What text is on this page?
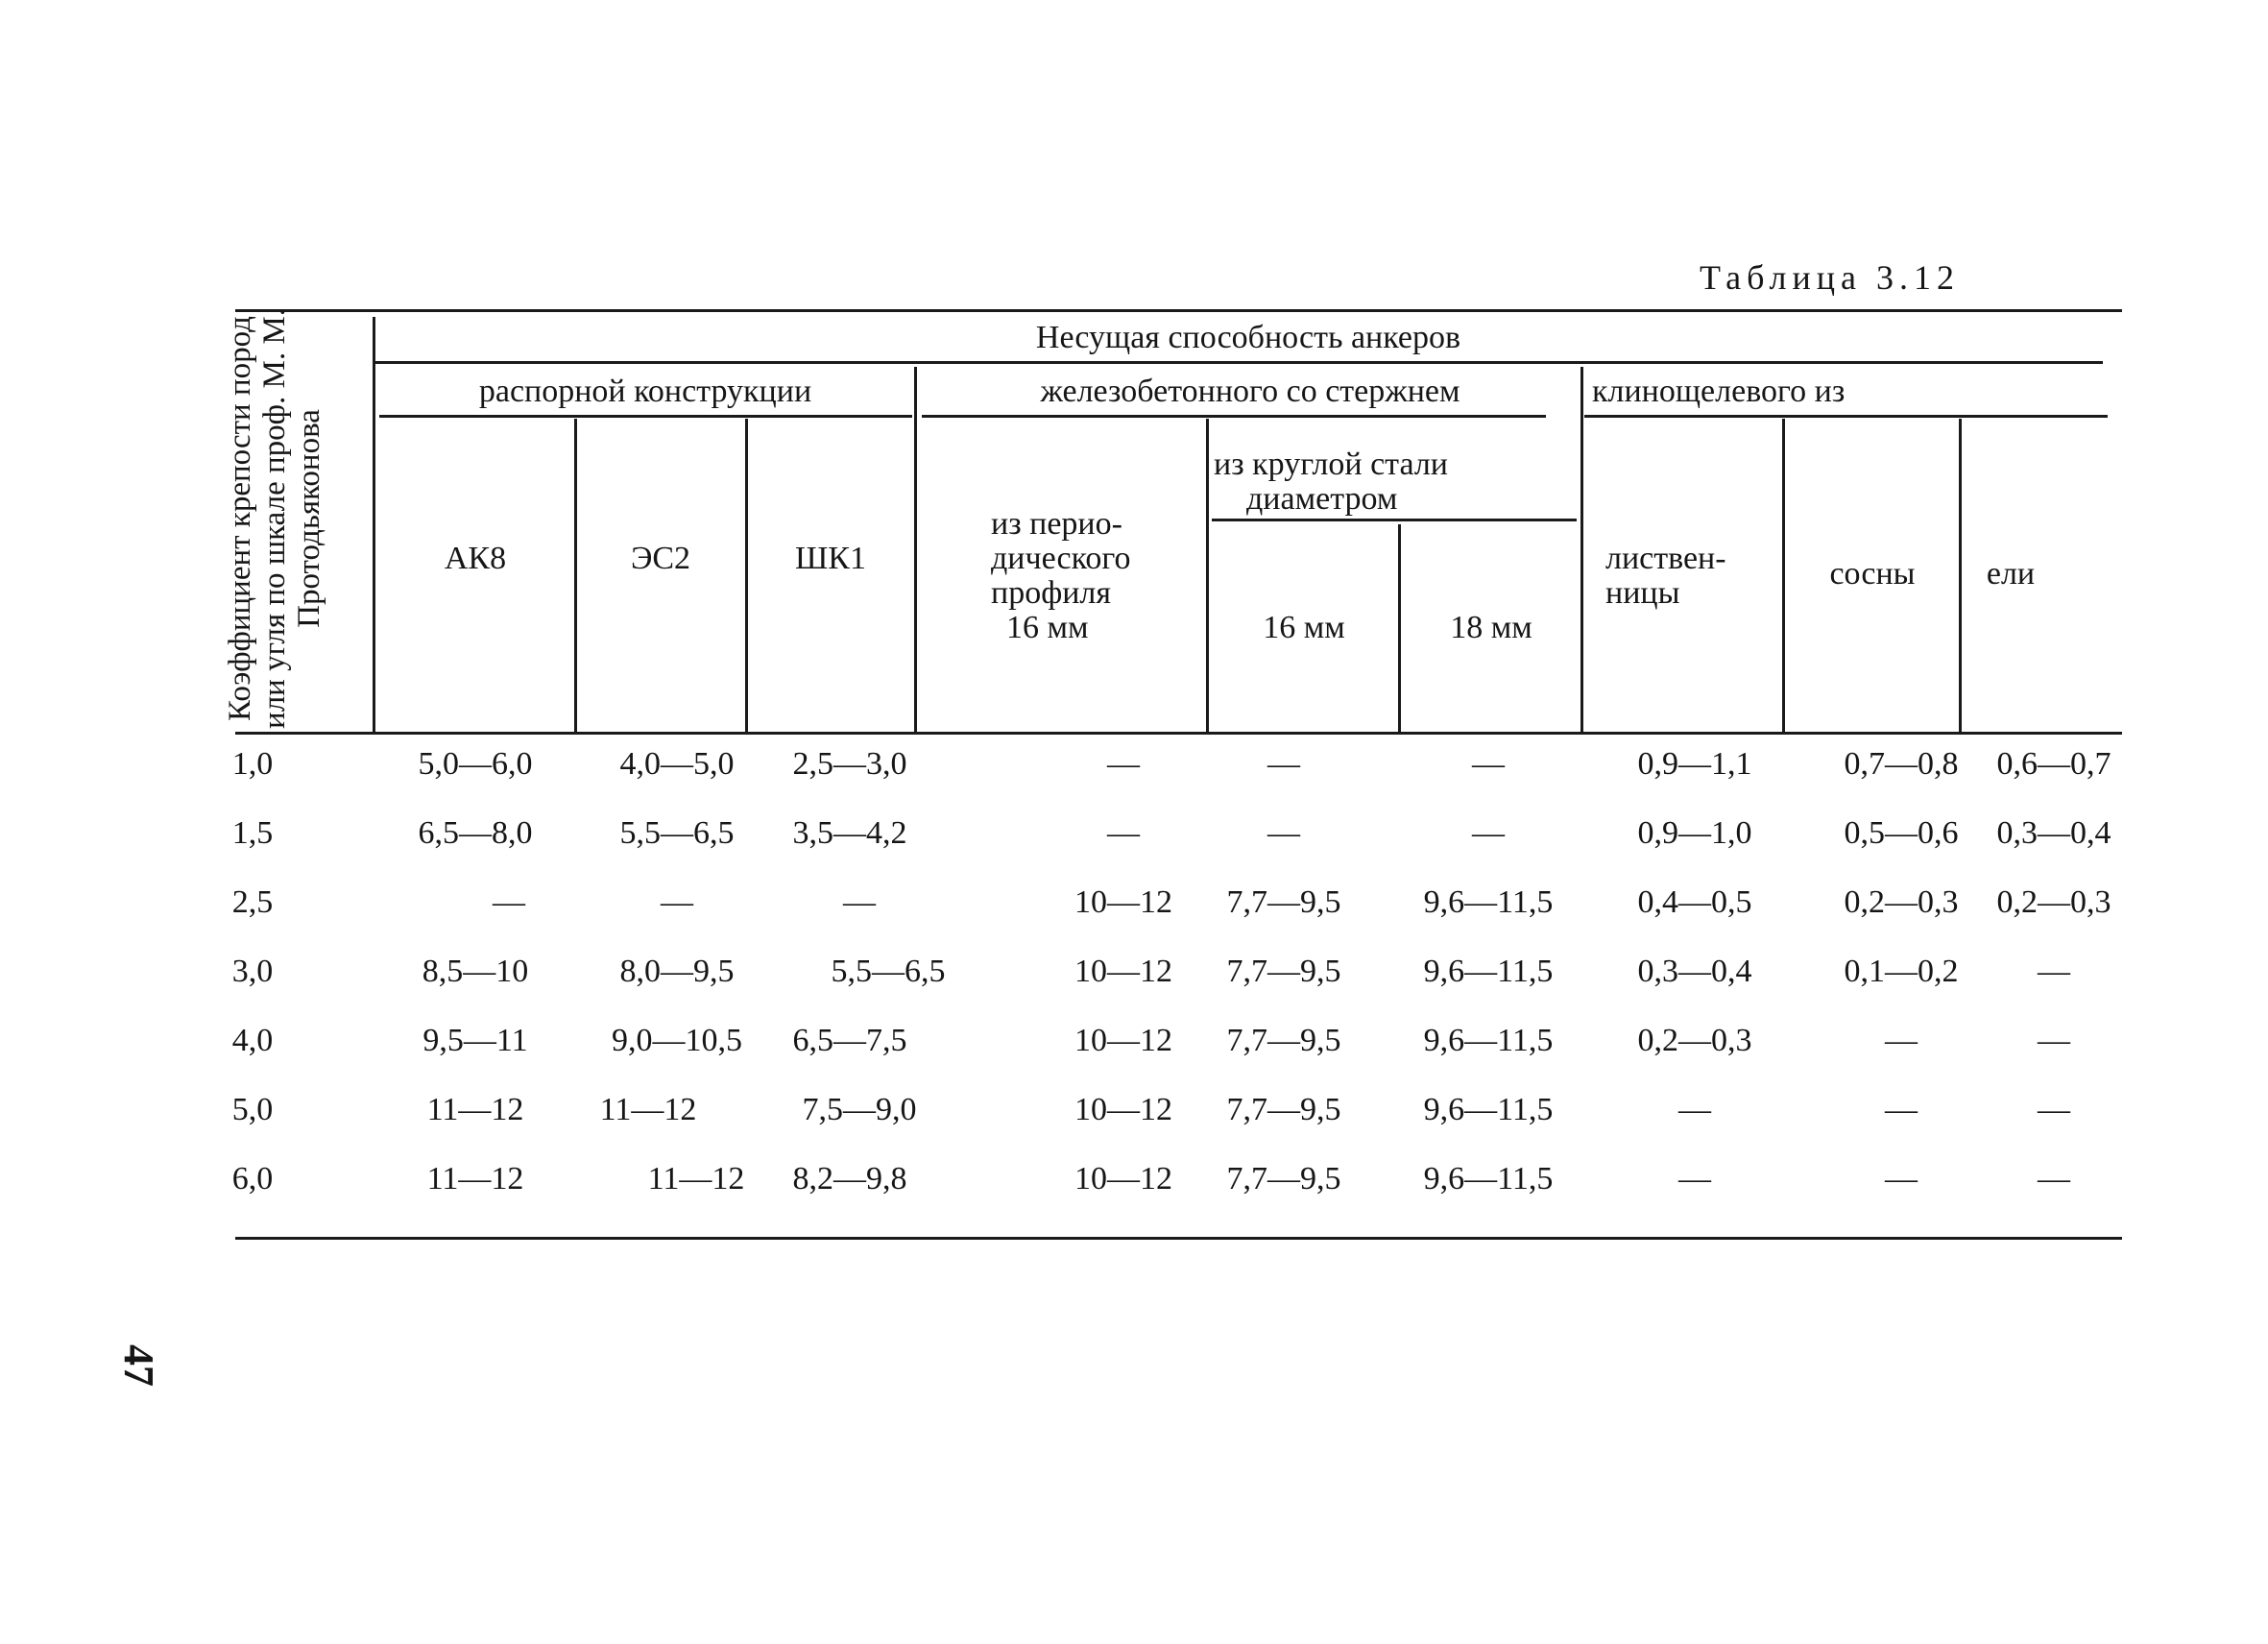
Таблица 3.12
Коэффициент крепости пород или угля по шкале проф. М. М. Протодьяконова
Несущая способность анкеров
распорной конструкции	железобетонного со стержнем	клинощелевого из
АК8	ЭС2	ШК1
из перио-
дического
профиля
16 мм
из круглой стали
диаметром
16 мм	18 мм
листвен-
ницы
сосны	ели
1,0	5,0—6,0	4,0—5,0	2,5—3,0	—	—	—	0,9—1,1	0,7—0,8	0,6—0,7
1,5	6,5—8,0	5,5—6,5	3,5—4,2	—	—	—	0,9—1,0	0,5—0,6	0,3—0,4
2,5	—	—	—	10—12	7,7—9,5	9,6—11,5	0,4—0,5	0,2—0,3	0,2—0,3
3,0	8,5—10	8,0—9,5	5,5—6,5	10—12	7,7—9,5	9,6—11,5	0,3—0,4	0,1—0,2	—
4,0	9,5—11	9,0—10,5	6,5—7,5	10—12	7,7—9,5	9,6—11,5	0,2—0,3	—	—
5,0	11—12	11—12	7,5—9,0	10—12	7,7—9,5	9,6—11,5	—	—	—
6,0	11—12	11—12	8,2—9,8	10—12	7,7—9,5	9,6—11,5	—	—	—
47
